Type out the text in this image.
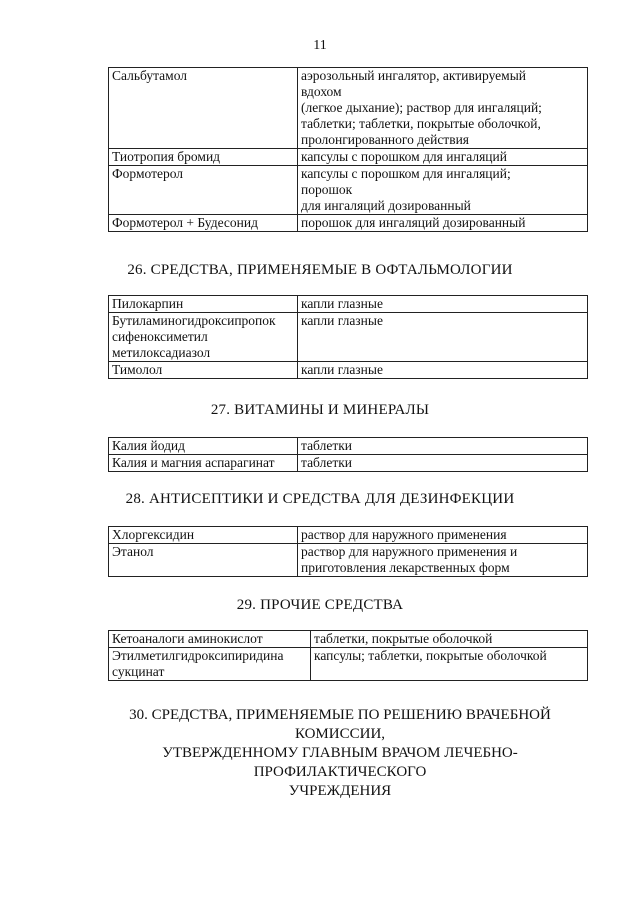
11
Сальбутамол	аэрозольный ингалятор, активируемый
вдохом
(легкое дыхание); раствор для ингаляций;
таблетки; таблетки, покрытые оболочкой,
пролонгированного действия

Тиотропия бромид	капсулы с порошком для ингаляций

Формотерол	капсулы с порошком для ингаляций;
порошок
для ингаляций дозированный

Формотерол + Будесонид	порошок для ингаляций дозированный
26. СРЕДСТВА, ПРИМЕНЯЕМЫЕ В ОФТАЛЬМОЛОГИИ
Пилокарпин	капли глазные

Бутиламиногидроксипропок
сифеноксиметил
метилоксадиазол	капли глазные
Тимолол	капли глазные
27. ВИТАМИНЫ И МИНЕРАЛЫ
Калия йодид	таблетки
Калия и магния аспарагинат	таблетки
28. АНТИСЕПТИКИ И СРЕДСТВА ДЛЯ ДЕЗИНФЕКЦИИ
Хлоргексидин	раствор для наружного применения

Этанол	раствор для наружного применения и
приготовления лекарственных форм
29. ПРОЧИЕ СРЕДСТВА
Кетоаналоги аминокислот	таблетки, покрытые оболочкой

Этилметилгидроксипиридина
сукцинат	капсулы; таблетки, покрытые оболочкой
30. СРЕДСТВА, ПРИМЕНЯЕМЫЕ ПО РЕШЕНИЮ ВРАЧЕБНОЙ
КОМИССИИ,
УТВЕРЖДЕННОМУ ГЛАВНЫМ ВРАЧОМ ЛЕЧЕБНО-
ПРОФИЛАКТИЧЕСКОГО
УЧРЕЖДЕНИЯ
